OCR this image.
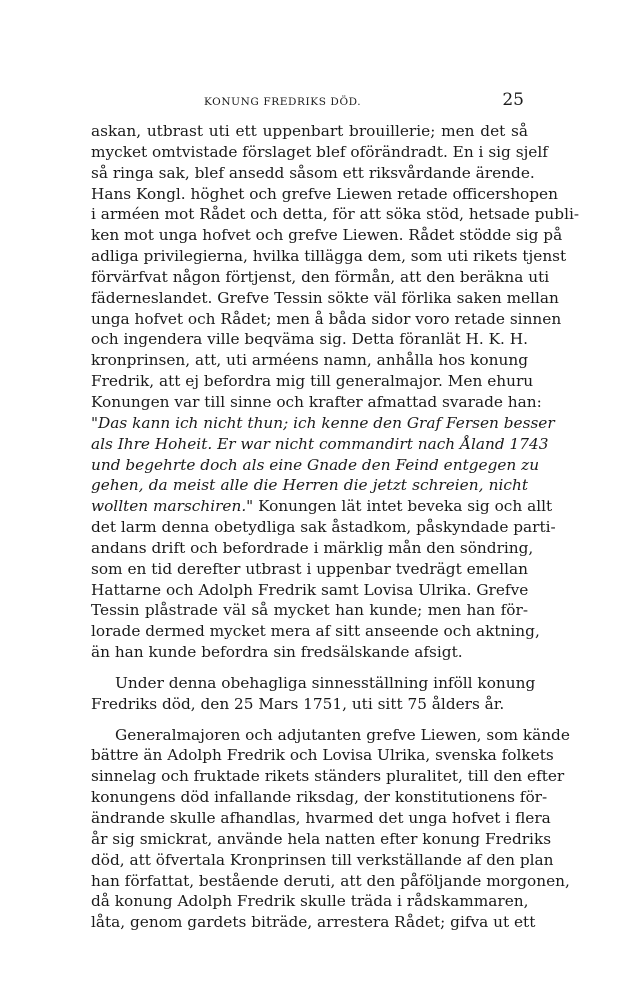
KONUNG FREDRIKS DÖD.	25
askan, utbrast uti ett uppenbart brouillerie; men det så
mycket omtvistade förslaget blef oförändradt. En i sig sjelf
så ringa sak, blef ansedd såsom ett riksvårdande ärende.
Hans Kongl. höghet och grefve Liewen retade officershopen
i arméen mot Rådet och detta, för att söka stöd, hetsade publi-
ken mot unga hofvet och grefve Liewen. Rådet stödde sig på
adliga privilegierna, hvilka tillägga dem, som uti rikets tjenst
förvärfvat någon förtjenst, den förmån, att den beräkna uti
fäderneslandet. Grefve Tessin sökte väl förlika saken mellan
unga hofvet och Rådet; men å båda sidor voro retade sinnen
och ingendera ville beqväma sig. Detta föranlät H. K. H.
kronprinsen, att, uti arméens namn, anhålla hos konung
Fredrik, att ej befordra mig till generalmajor. Men ehuru
Konungen var till sinne och krafter afmattad svarade han:
"Das kann ich nicht thun; ich kenne den Graf Fersen besser
als Ihre Hoheit. Er war nicht commandirt nach Åland 1743
und begehrte doch als eine Gnade den Feind entgegen zu
gehen, da meist alle die Herren die jetzt schreien, nicht
wollten marschiren." Konungen lät intet beveka sig och allt
det larm denna obetydliga sak åstadkom, påskyndade parti-
andans drift och befordrade i märklig mån den söndring,
som en tid derefter utbrast i uppenbar tvedrägt emellan
Hattarne och Adolph Fredrik samt Lovisa Ulrika. Grefve
Tessin plåstrade väl så mycket han kunde; men han för-
lorade dermed mycket mera af sitt anseende och aktning,
än han kunde befordra sin fredsälskande afsigt.
Under denna obehagliga sinnesställning inföll konung
Fredriks död, den 25 Mars 1751, uti sitt 75 ålders år.
Generalmajoren och adjutanten grefve Liewen, som kände
bättre än Adolph Fredrik och Lovisa Ulrika, svenska folkets
sinnelag och fruktade rikets ständers pluralitet, till den efter
konungens död infallande riksdag, der konstitutionens för-
ändrande skulle afhandlas, hvarmed det unga hofvet i flera
år sig smickrat, använde hela natten efter konung Fredriks
död, att öfvertala Kronprinsen till verkställande af den plan
han författat, bestående deruti, att den påföljande morgonen,
då konung Adolph Fredrik skulle träda i rådskammaren,
låta, genom gardets biträde, arrestera Rådet; gifva ut ett
